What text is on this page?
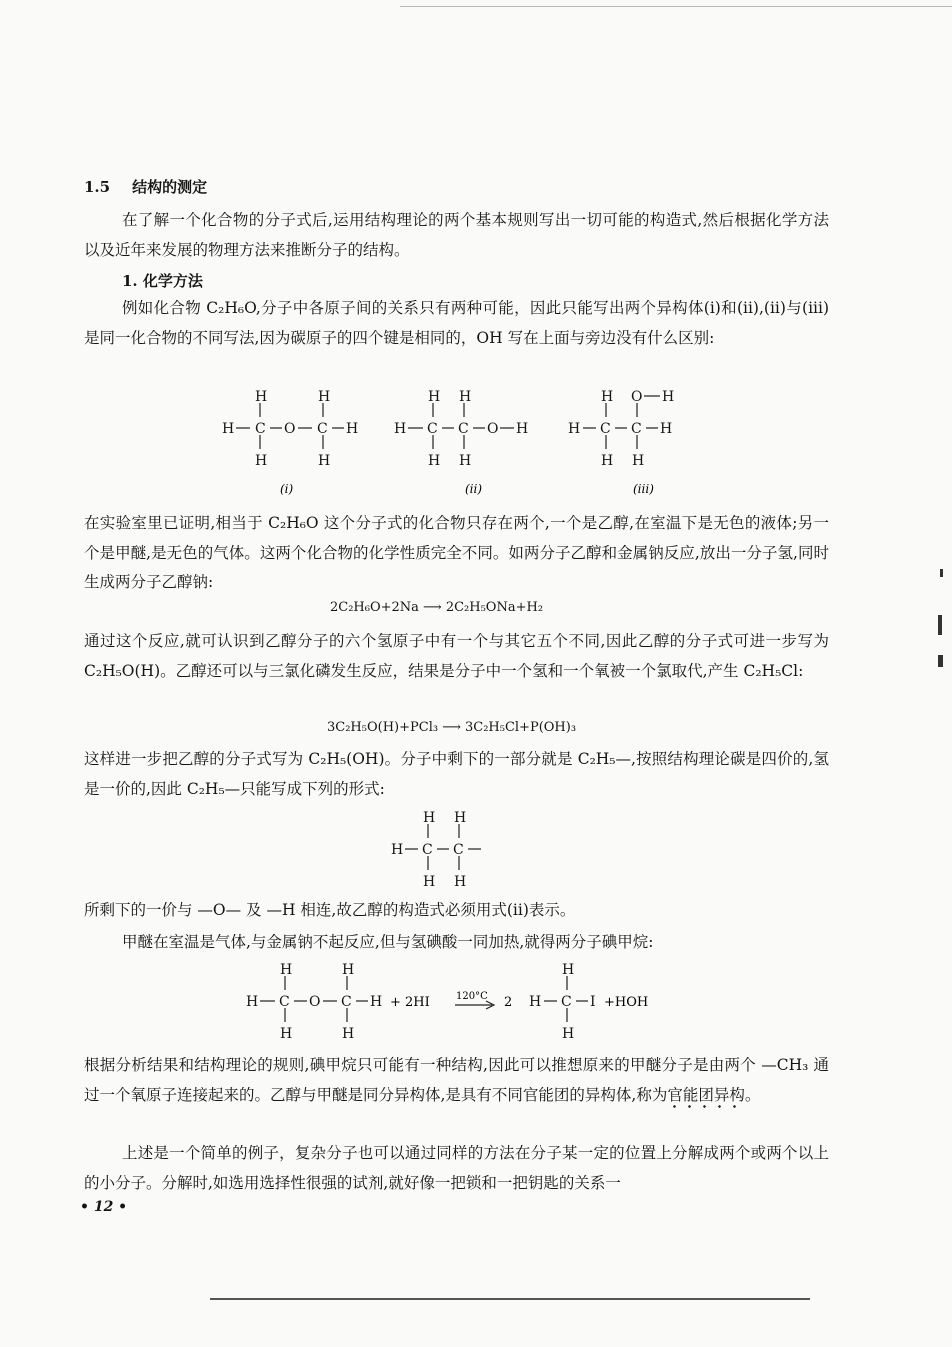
1.5 结构的测定
在了解一个化合物的分子式后,运用结构理论的两个基本规则写出一切可能的构造式,然后根据化学方法以及近年来发展的物理方法来推断分子的结构。
1. 化学方法
例如化合物 C₂H₆O,分子中各原子间的关系只有两种可能，因此只能写出两个异构体(i)和(ii),(ii)与(iii)是同一化合物的不同写法,因为碳原子的四个键是相同的，OH 写在上面与旁边没有什么区别:
H	H
H C O C H
H	H
H H
H C C O H
H H
H O H
H C C H
H H
(i)	(ii)	(iii)
在实验室里已证明,相当于 C₂H₆O 这个分子式的化合物只存在两个,一个是乙醇,在室温下是无色的液体;另一个是甲醚,是无色的气体。这两个化合物的化学性质完全不同。如两分子乙醇和金属钠反应,放出一分子氢,同时生成两分子乙醇钠:
2C₂H₆O+2Na ⟶ 2C₂H₅ONa+H₂
通过这个反应,就可认识到乙醇分子的六个氢原子中有一个与其它五个不同,因此乙醇的分子式可进一步写为 C₂H₅O(H)。乙醇还可以与三氯化磷发生反应，结果是分子中一个氢和一个氧被一个氯取代,产生 C₂H₅Cl:
3C₂H₅O(H)+PCl₃ ⟶ 3C₂H₅Cl+P(OH)₃
这样进一步把乙醇的分子式写为 C₂H₅(OH)。分子中剩下的一部分就是 C₂H₅—,按照结构理论碳是四价的,氢是一价的,因此 C₂H₅—只能写成下列的形式:
H H
H C C
H H
所剩下的一价与 —O— 及 —H 相连,故乙醇的构造式必须用式(ii)表示。
甲醚在室温是气体,与金属钠不起反应,但与氢碘酸一同加热,就得两分子碘甲烷:
H	H
H C O C H
H	H
H
H C I
H
+ 2HI	120°C 2	+HOH
根据分析结果和结构理论的规则,碘甲烷只可能有一种结构,因此可以推想原来的甲醚分子是由两个 —CH₃ 通过一个氧原子连接起来的。乙醇与甲醚是同分异构体,是具有不同官能团的异构体,称为官能团异构。
上述是一个简单的例子，复杂分子也可以通过同样的方法在分子某一定的位置上分解成两个或两个以上的小分子。分解时,如选用选择性很强的试剂,就好像一把锁和一把钥匙的关系一
• 12 •
